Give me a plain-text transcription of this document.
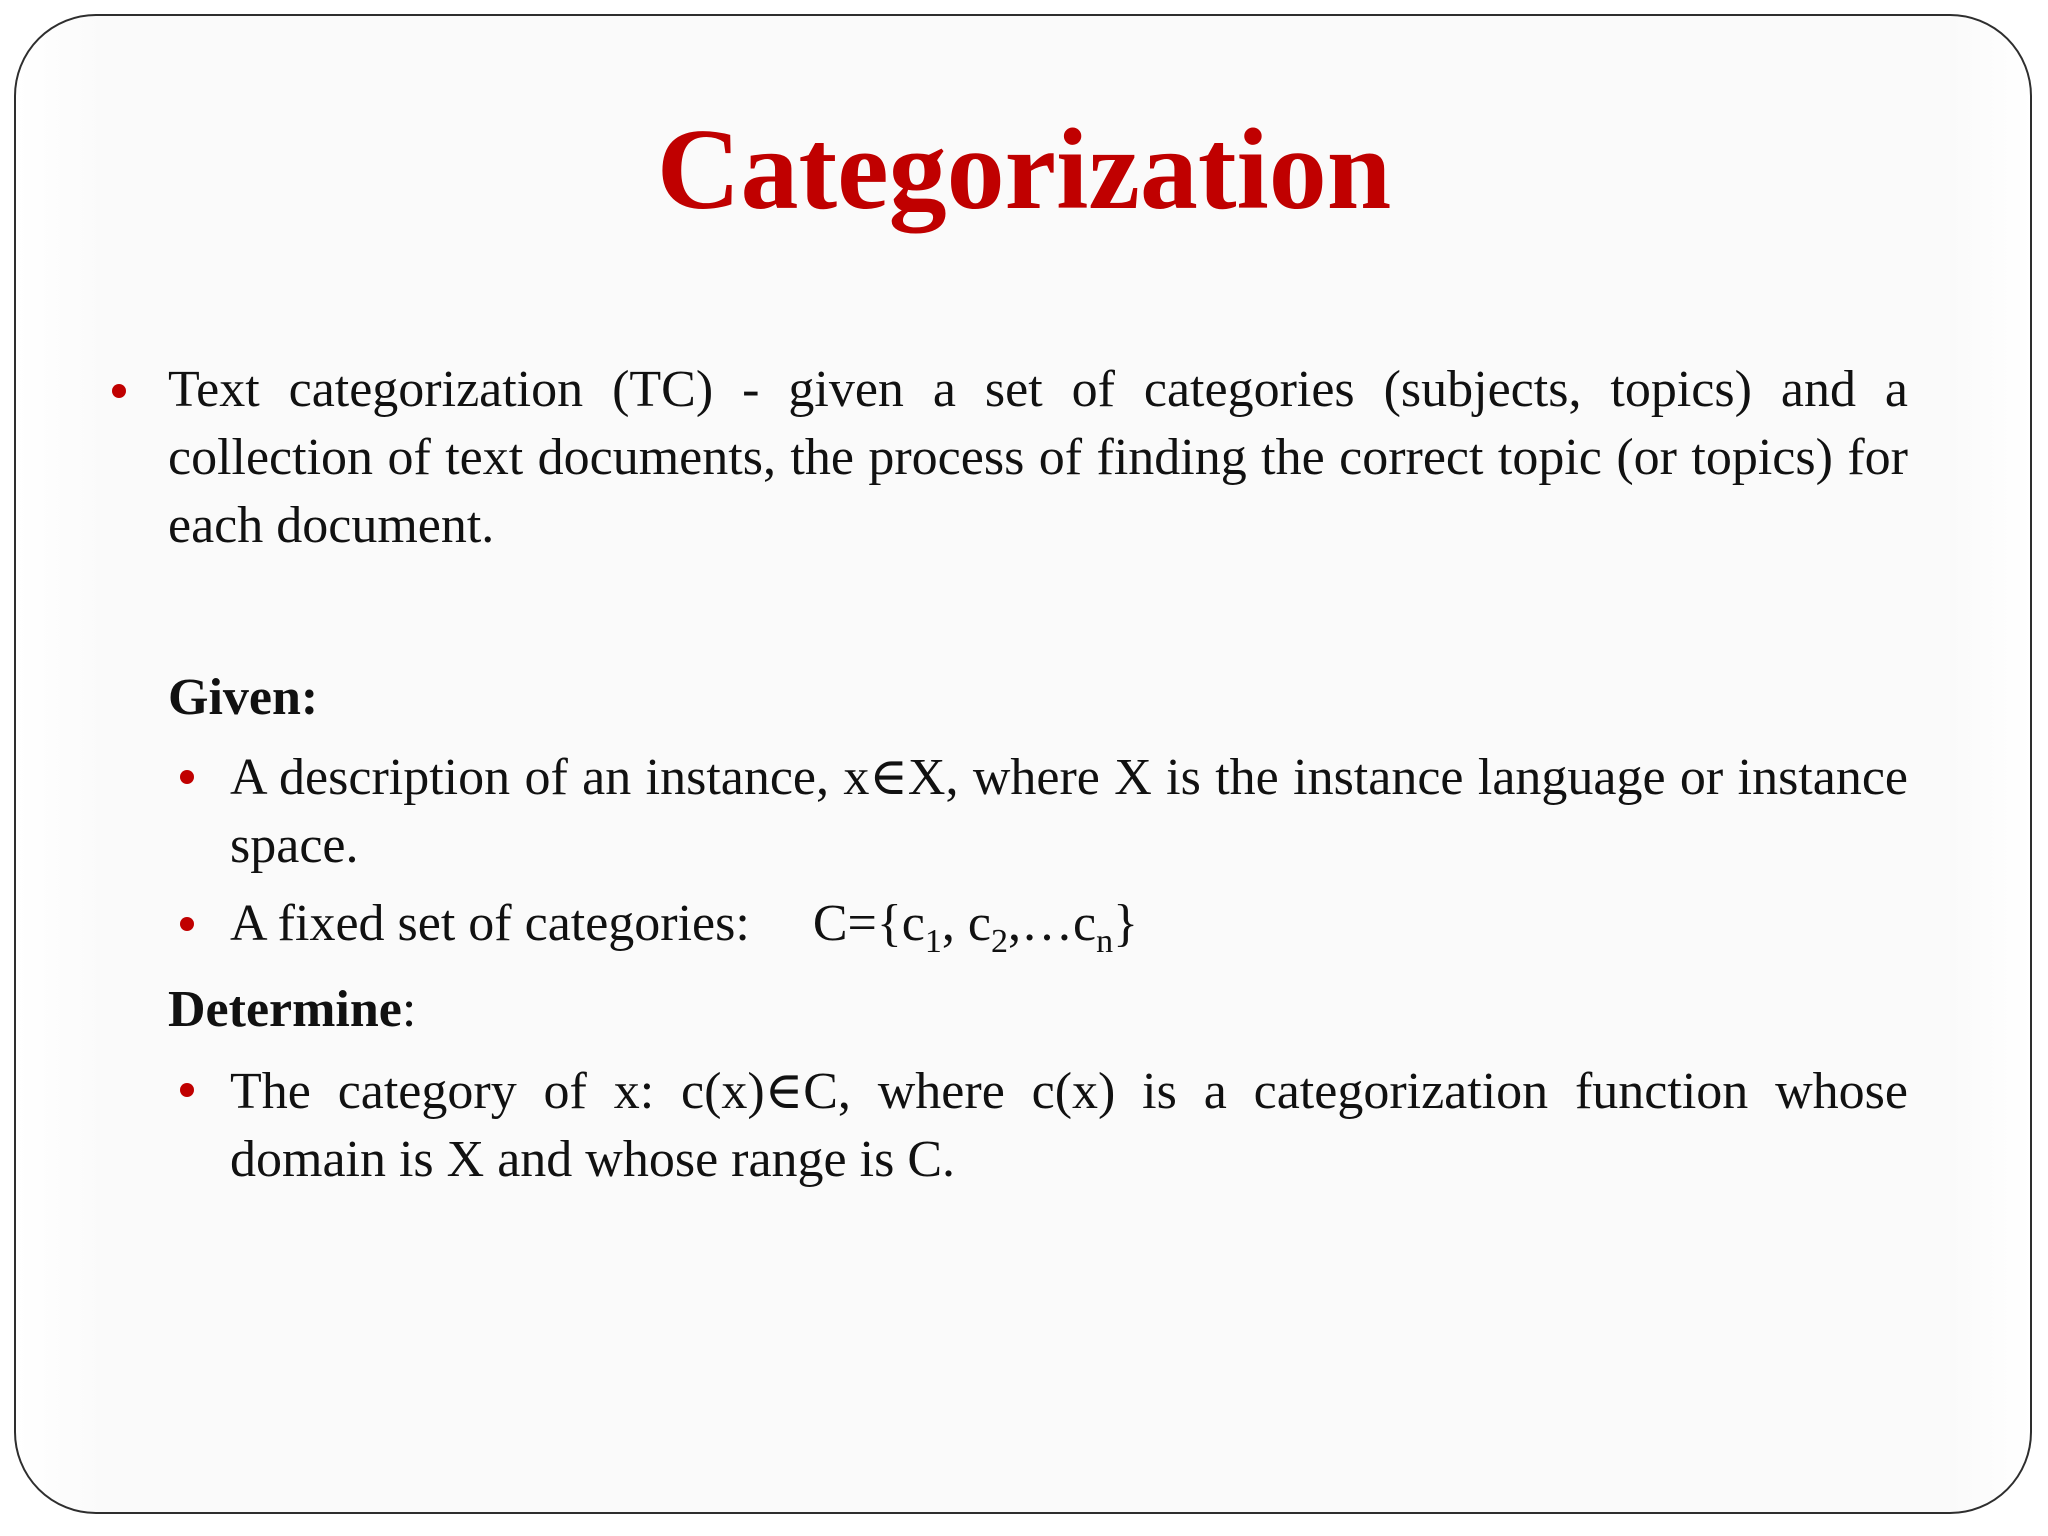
Categorization
Text categorization (TC) - given a set of categories (subjects, topics) and a collection of text documents, the process of finding the correct topic (or topics) for each document.
Given:
A description of an instance, x∈X, where X is the instance language or instance space.
A fixed set of categories: $C=\{c_1$, $c_2,\dots c_n$}
Determine:
The category of x: c(x)∈C, where c(x) is a categorization function whose domain is X and whose range is C.
